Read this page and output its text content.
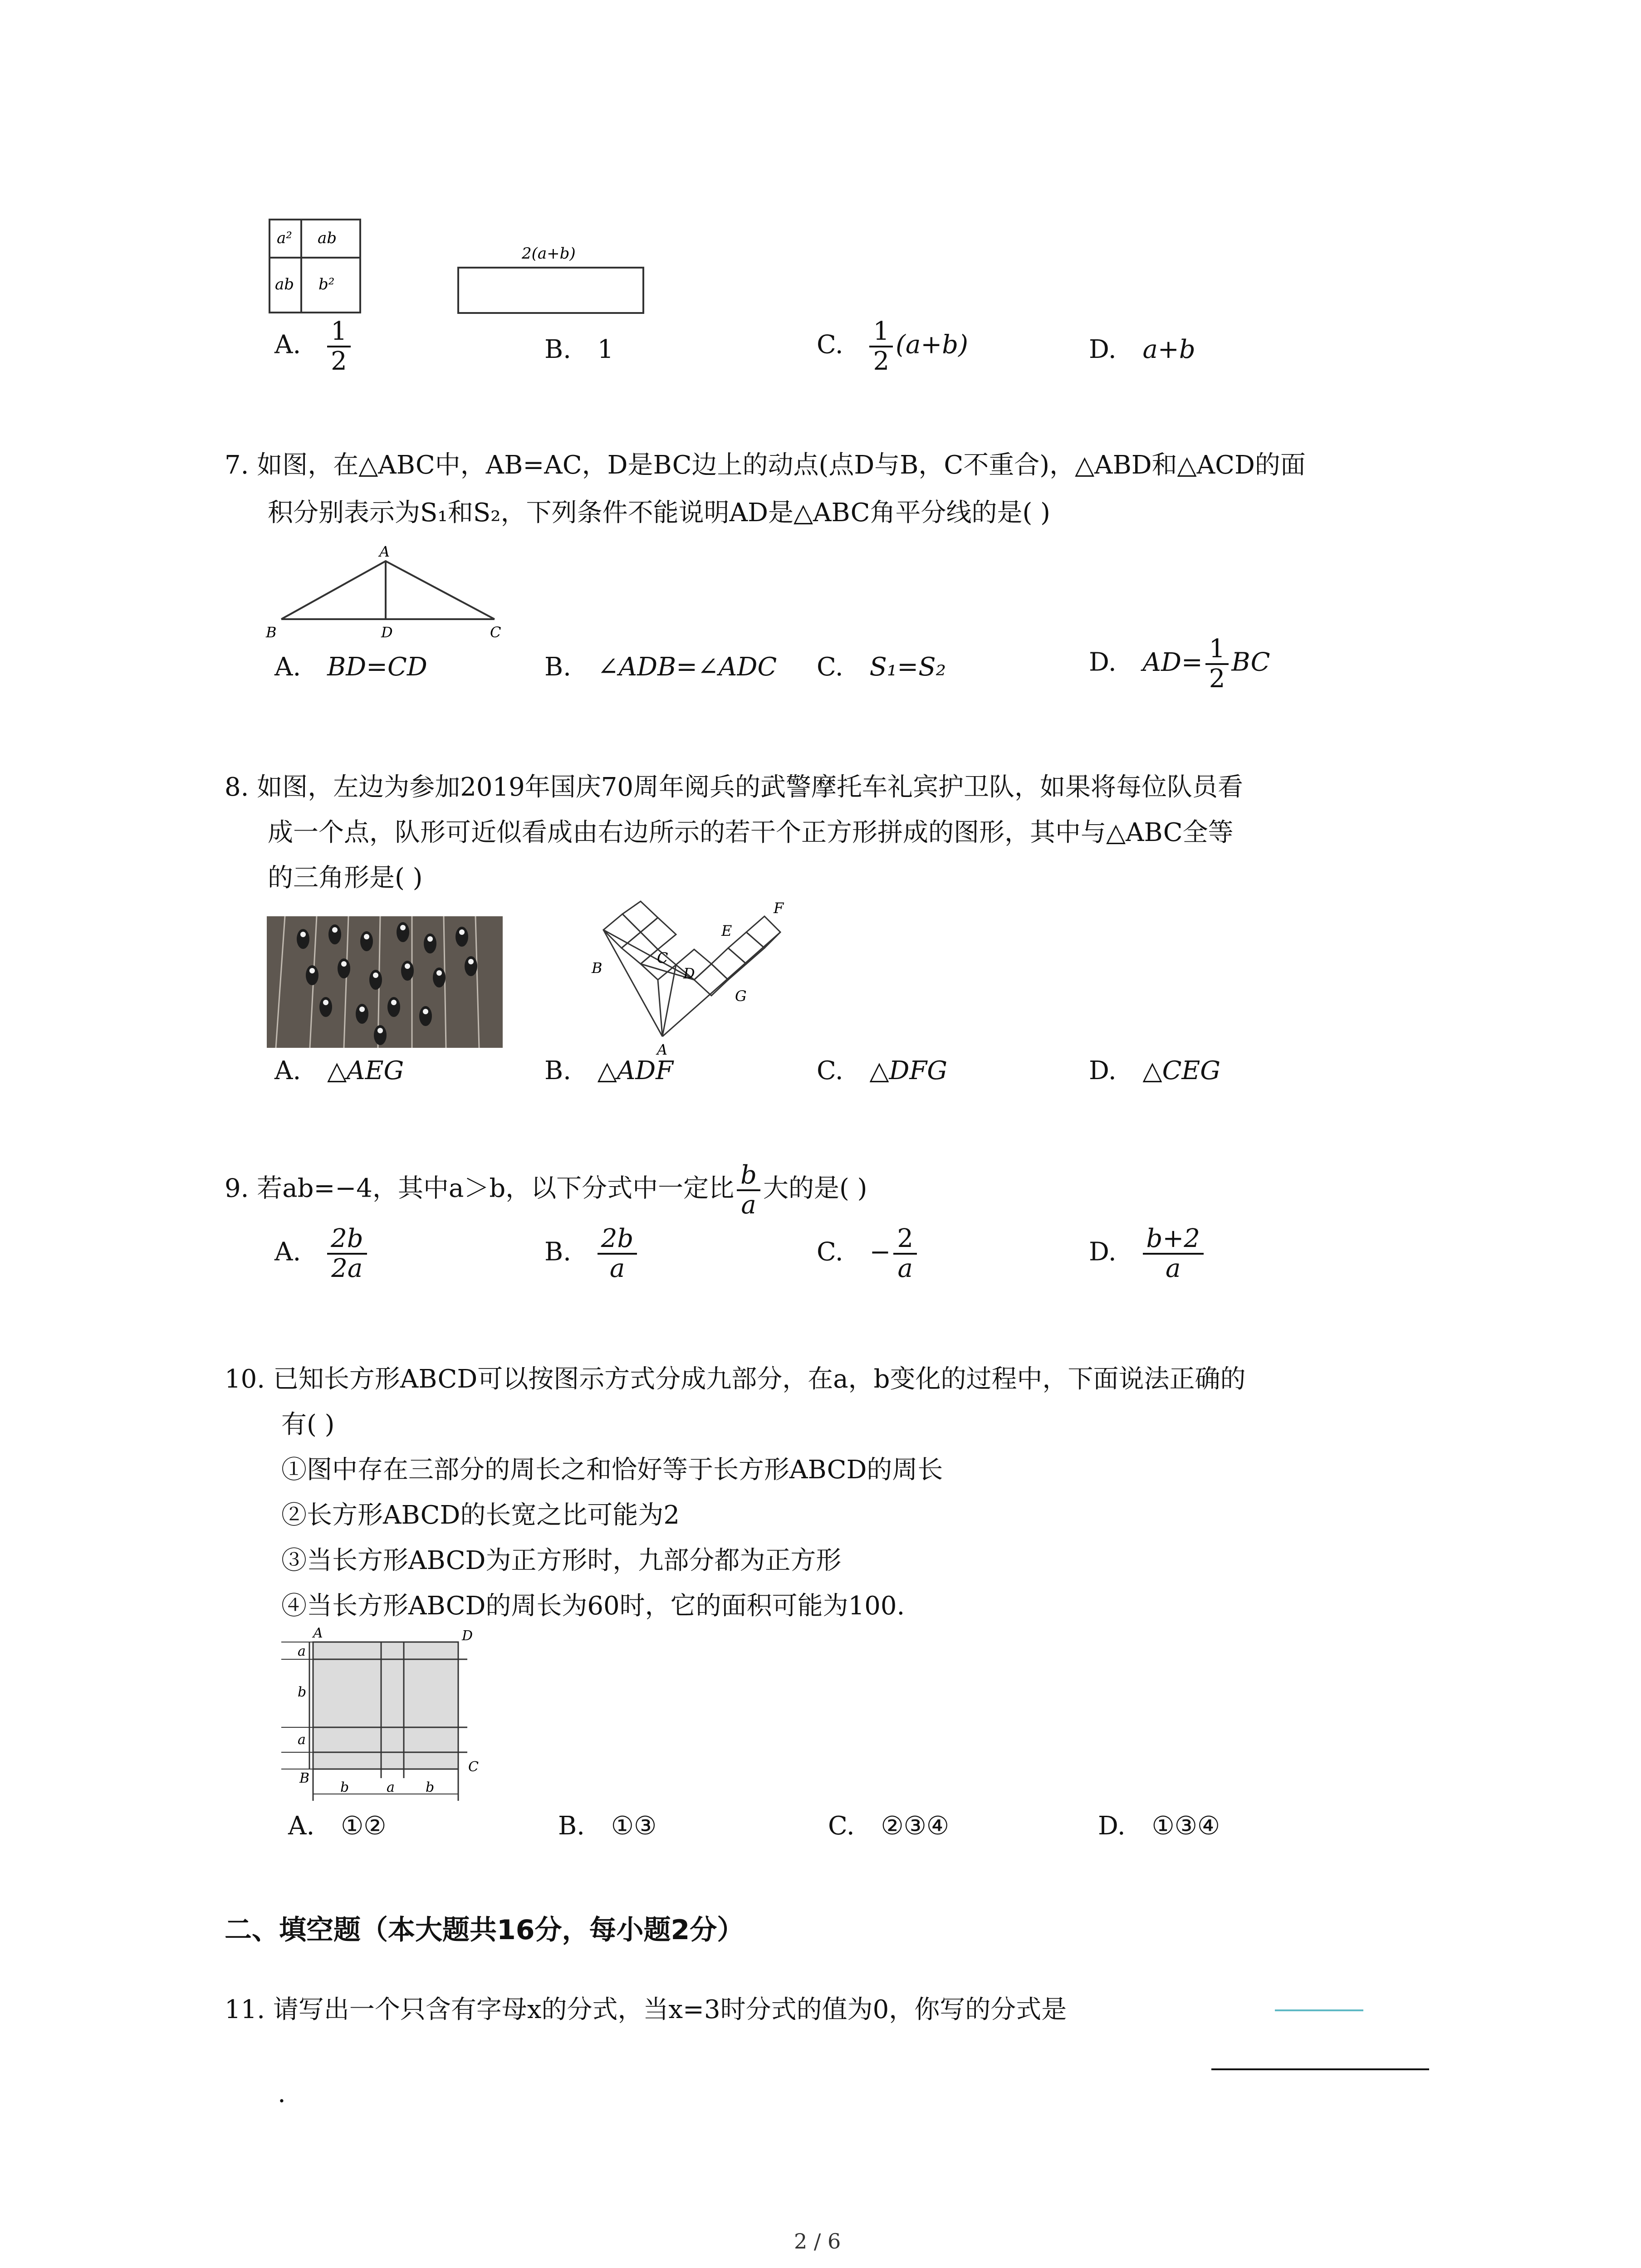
a² ab
ab b²
2(a+b)
A. $\frac{1}{2}$	B. 1	C. $\frac{1}{2} (a+b)$	D. a+b
7. 如图，在△ABC中，AB=AC，D是BC边上的动点(点D与B，C不重合)，△ABD和△ACD的面
积分别表示为S₁和S₂，下列条件不能说明AD是△ABC角平分线的是( )
A
B	D	C
A. BD=CD	B. ∠ADB=∠ADC C. S₁=S₂	D. $AD= \frac{1}{2}$ BC
8. 如图，左边为参加2019年国庆70周年阅兵的武警摩托车礼宾护卫队，如果将每位队员看
成一个点，队形可近似看成由右边所示的若干个正方形拼成的图形，其中与△ABC全等
的三角形是( )
B
C
D
E
F
G
A
A. △AEG	B. △ADF	C. △DFG	D. △CEG
9. 若ab=−4，其中a＞b，以下分式中一定比 $\frac{b}{a}$ 大的是( )
A. $\frac{2b}{2a}$	B. $\frac{2b}{a}$	C. − $\frac{2}{a}$	D. $\frac{b+2}{a}$
10. 已知长方形ABCD可以按图示方式分成九部分，在a，b变化的过程中，下面说法正确的
有( )
①图中存在三部分的周长之和恰好等于长方形ABCD的周长
②长方形ABCD的长宽之比可能为2
③当长方形ABCD为正方形时，九部分都为正方形
④当长方形ABCD的周长为60时，它的面积可能为100.
a
b
a
A	D
B
C
b	a b
A. ①②	B. ①③	C. ②③④	D. ①③④
二、填空题（本大题共16分，每小题2分）
11. 请写出一个只含有字母x的分式，当x=3时分式的值为0，你写的分式是
.
2 / 6
